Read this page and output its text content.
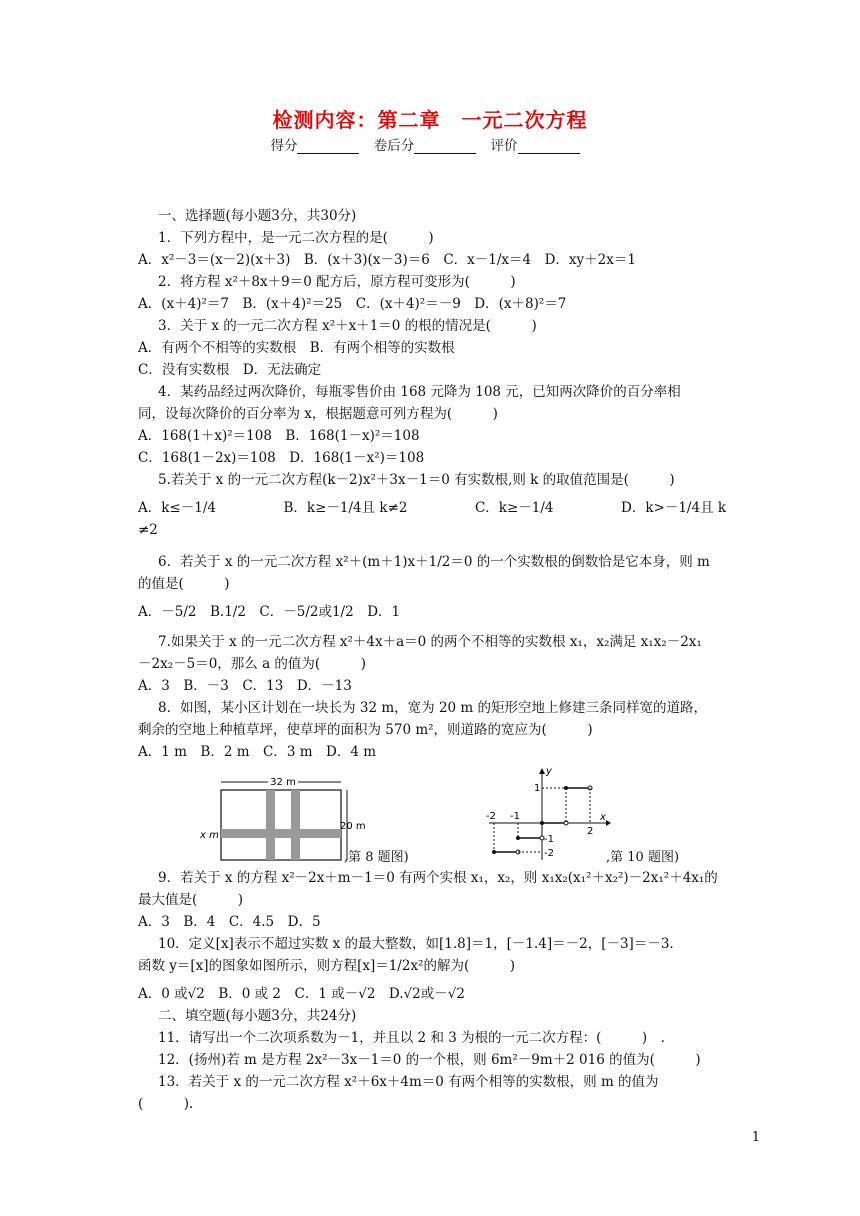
检测内容：第二章　一元二次方程
得分	卷后分	评价

一、选择题(每小题3分，共30分)

1．下列方程中，是一元二次方程的是(　　　)

A．x²－3＝(x－2)(x＋3)　B．(x＋3)(x－3)＝6　C．x－1/x＝4　D．xy＋2x＝1

2．将方程 x²＋8x＋9＝0 配方后，原方程可变形为(　　　)

A．(x＋4)²＝7　B．(x＋4)²＝25　C．(x＋4)²＝－9　D．(x＋8)²＝7

3．关于 x 的一元二次方程 x²＋x＋1＝0 的根的情况是(　　　)

A．有两个不相等的实数根　B．有两个相等的实数根

C．没有实数根　D．无法确定

4．某药品经过两次降价，每瓶零售价由 168 元降为 108 元，已知两次降价的百分率相

同，设每次降价的百分率为 x，根据题意可列方程为(　　　)

A．168(1＋x)²＝108　B．168(1－x)²＝108

C．168(1－2x)＝108　D．168(1－x²)＝108

5.若关于 x 的一元二次方程(k－2)x²＋3x－1＝0 有实数根,则 k 的取值范围是(　　　)

A．k≤－1/4　　　　　B．k≥－1/4且 k≠2　　　　　C．k≥－1/4　　　　　D．k>－1/4且 k

≠2

6．若关于 x 的一元二次方程 x²＋(m＋1)x＋1/2＝0 的一个实数根的倒数恰是它本身，则 m

的值是(　　　)

A．－5/2　B.1/2　C．－5/2或1/2　D．1

7.如果关于 x 的一元二次方程 x²＋4x＋a＝0 的两个不相等的实数根 x₁，x₂满足 x₁x₂－2x₁

－2x₂－5＝0，那么 a 的值为(　　　)

A．3　B．－3　C．13　D．－13

8．如图，某小区计划在一块长为 32 m，宽为 20 m 的矩形空地上修建三条同样宽的道路，

剩余的空地上种植草坪，使草坪的面积为 570 m²，则道路的宽应为(　　　)

A．1 m　B．2 m　C．3 m　D．4 m

9．若关于 x 的方程 x²－2x＋m－1＝0 有两个实根 x₁，x₂，则 x₁x₂(x₁²＋x₂²)－2x₁²＋4x₁的

最大值是(　　　)

A．3　B．4　C．4.5　D．5

10．定义[x]表示不超过实数 x 的最大整数，如[1.8]＝1，[－1.4]＝－2，[－3]＝－3.

函数 y＝[x]的图象如图所示，则方程[x]＝1/2x²的解为(　　　)

A．0 或√2　B．0 或 2　C．1 或－√2　D.√2或－√2

二、填空题(每小题3分，共24分)

11．请写出一个二次项系数为－1，并且以 2 和 3 为根的一元二次方程：(　　　)　.

12．(扬州)若 m 是方程 2x²－3x－1＝0 的一个根，则 6m²－9m＋2 016 的值为(　　　)

13．若关于 x 的一元二次方程 x²＋6x＋4m＝0 有两个相等的实数根，则 m 的值为

(　　　).

32 m
20 m
x m
,第 8 题图)
y
x
1
2
-1
-2
-2 -1
,第 10 题图)
1
